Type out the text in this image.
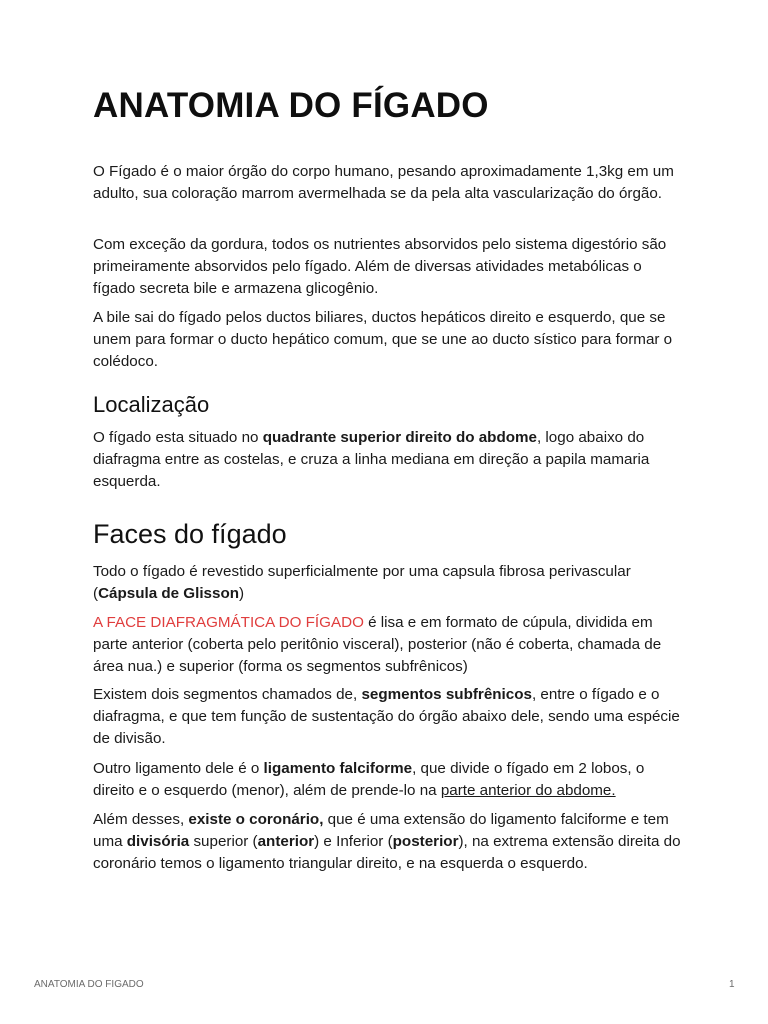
ANATOMIA DO FÍGADO

O Fígado é o maior órgão do corpo humano, pesando aproximadamente 1,3kg em um adulto, sua coloração marrom avermelhada se da pela alta vascularização do órgão.

Com exceção da gordura, todos os nutrientes absorvidos pelo sistema digestório são primeiramente absorvidos pelo fígado. Além de diversas atividades metabólicas o fígado secreta bile e armazena glicogênio.

A bile sai do fígado pelos ductos biliares, ductos hepáticos direito e esquerdo, que se unem para formar o ducto hepático comum, que se une ao ducto sístico para formar o colédoco.

Localização

O fígado esta situado no quadrante superior direito do abdome, logo abaixo do diafragma entre as costelas, e cruza a linha mediana em direção a papila mamaria esquerda.

Faces do fígado

Todo o fígado é revestido superficialmente por uma capsula fibrosa perivascular (Cápsula de Glisson)

A FACE DIAFRAGMÁTICA DO FÍGADO é lisa e em formato de cúpula, dividida em parte anterior (coberta pelo peritônio visceral), posterior (não é coberta, chamada de área nua.) e superior (forma os segmentos subfrênicos)

Existem dois segmentos chamados de, segmentos subfrênicos, entre o fígado e o diafragma, e que tem função de sustentação do órgão abaixo dele, sendo uma espécie de divisão.

Outro ligamento dele é o ligamento falciforme, que divide o fígado em 2 lobos, o direito e o esquerdo (menor), além de prende-lo na parte anterior do abdome.

Além desses, existe o coronário, que é uma extensão do ligamento falciforme e tem uma divisória superior (anterior) e Inferior (posterior), na extrema extensão direita do coronário temos o ligamento triangular direito, e na esquerda o esquerdo.

ANATOMIA DO FIGADO	1
